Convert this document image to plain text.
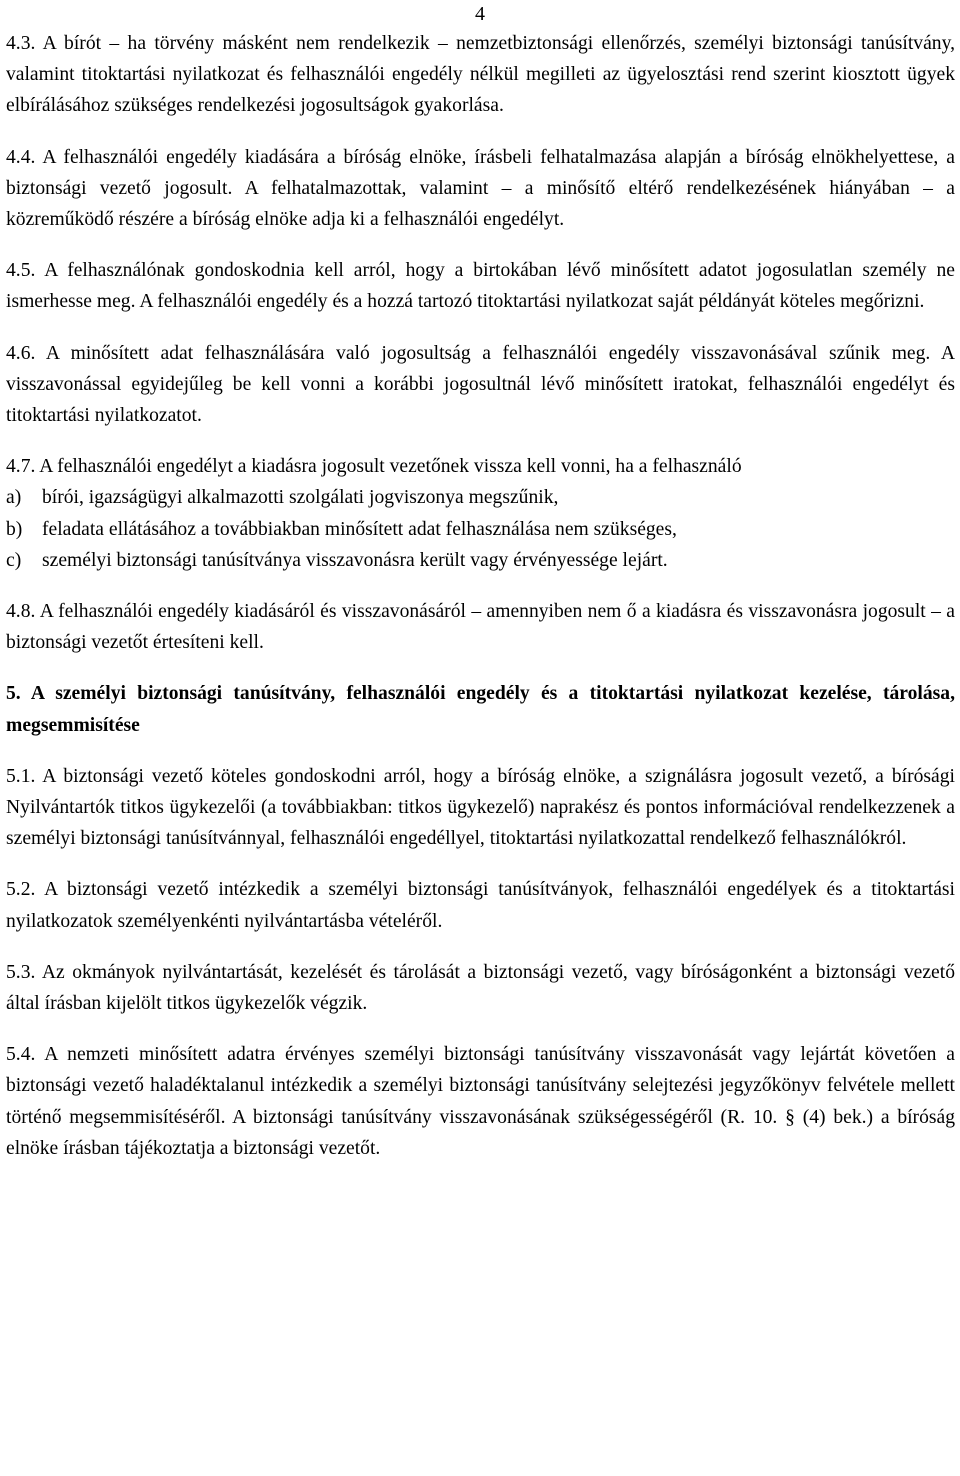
4

4.3. A bírót – ha törvény másként nem rendelkezik – nemzetbiztonsági ellenőrzés, személyi biztonsági tanúsítvány, valamint titoktartási nyilatkozat és felhasználói engedély nélkül megilleti az ügyelosztási rend szerint kiosztott ügyek elbírálásához szükséges rendelkezési jogosultságok gyakorlása.

4.4. A felhasználói engedély kiadására a bíróság elnöke, írásbeli felhatalmazása alapján a bíróság elnökhelyettese, a biztonsági vezető jogosult. A felhatalmazottak, valamint – a minősítő eltérő rendelkezésének hiányában – a közreműködő részére a bíróság elnöke adja ki a felhasználói engedélyt.

4.5. A felhasználónak gondoskodnia kell arról, hogy a birtokában lévő minősített adatot jogosulatlan személy ne ismerhesse meg. A felhasználói engedély és a hozzá tartozó titoktartási nyilatkozat saját példányát köteles megőrizni.

4.6. A minősített adat felhasználására való jogosultság a felhasználói engedély visszavonásával szűnik meg. A visszavonással egyidejűleg be kell vonni a korábbi jogosultnál lévő minősített iratokat, felhasználói engedélyt és titoktartási nyilatkozatot.

4.7. A felhasználói engedélyt a kiadásra jogosult vezetőnek vissza kell vonni, ha a felhasználó

a)	bírói, igazságügyi alkalmazotti szolgálati jogviszonya megszűnik,
b)	feladata ellátásához a továbbiakban minősített adat felhasználása nem szükséges,
c)	személyi biztonsági tanúsítványa visszavonásra került vagy érvényessége lejárt.

4.8. A felhasználói engedély kiadásáról és visszavonásáról – amennyiben nem ő a kiadásra és visszavonásra jogosult – a biztonsági vezetőt értesíteni kell.

5. A személyi biztonsági tanúsítvány, felhasználói engedély és a titoktartási nyilatkozat kezelése, tárolása, megsemmisítése

5.1. A biztonsági vezető köteles gondoskodni arról, hogy a bíróság elnöke, a szignálásra jogosult vezető, a bírósági Nyilvántartók titkos ügykezelői (a továbbiakban: titkos ügykezelő) naprakész és pontos információval rendelkezzenek a személyi biztonsági tanúsítvánnyal, felhasználói engedéllyel, titoktartási nyilatkozattal rendelkező felhasználókról.

5.2. A biztonsági vezető intézkedik a személyi biztonsági tanúsítványok, felhasználói engedélyek és a titoktartási nyilatkozatok személyenkénti nyilvántartásba vételéről.

5.3. Az okmányok nyilvántartását, kezelését és tárolását a biztonsági vezető, vagy bíróságonként a biztonsági vezető által írásban kijelölt titkos ügykezelők végzik.

5.4. A nemzeti minősített adatra érvényes személyi biztonsági tanúsítvány visszavonását vagy lejártát követően a biztonsági vezető haladéktalanul intézkedik a személyi biztonsági tanúsítvány selejtezési jegyzőkönyv felvétele mellett történő megsemmisítéséről. A biztonsági tanúsítvány visszavonásának szükségességéről (R. 10. § (4) bek.) a bíróság elnöke írásban tájékoztatja a biztonsági vezetőt.
